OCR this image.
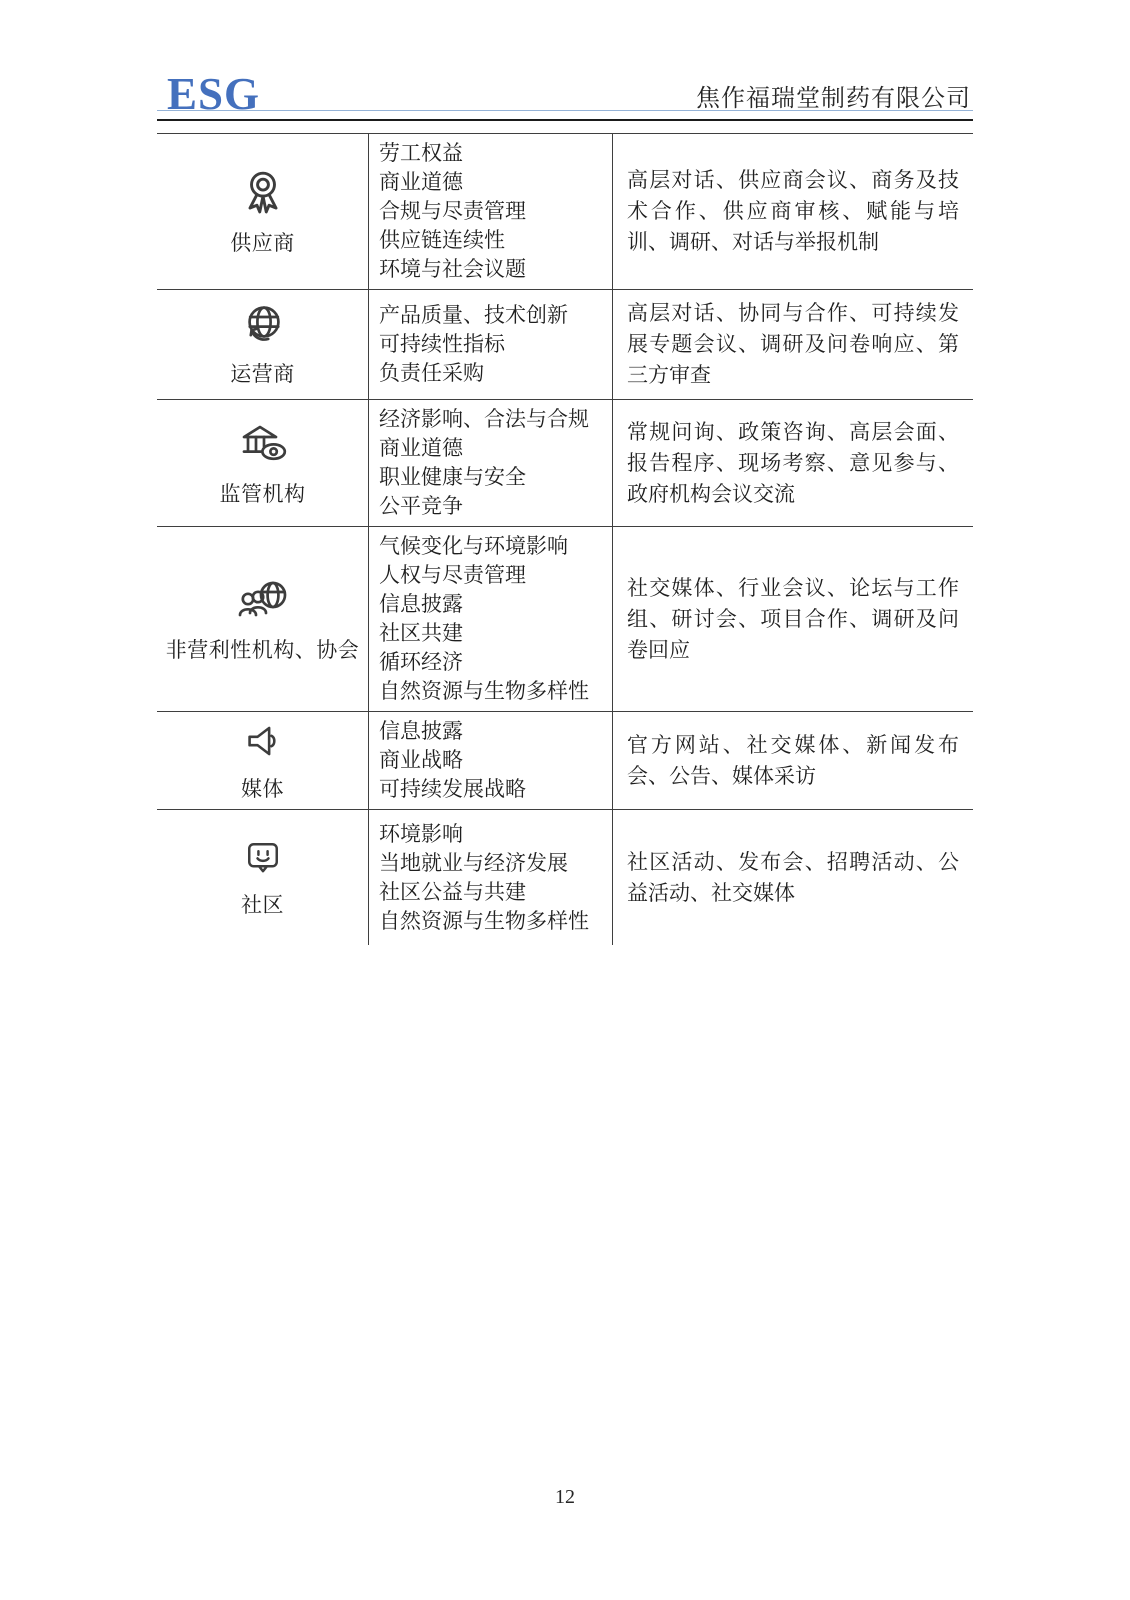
ESG	焦作福瑞堂制药有限公司
供应商
劳工权益
商业道德
合规与尽责管理
供应链连续性
环境与社会议题

高层对话、供应商会议、商务及技术合作、供应商审核、赋能与培训、调研、对话与举报机制

运营商
产品质量、技术创新
可持续性指标
负责任采购

高层对话、协同与合作、可持续发展专题会议、调研及问卷响应、第三方审查

监管机构
经济影响、合法与合规
商业道德
职业健康与安全
公平竞争

常规问询、政策咨询、高层会面、报告程序、现场考察、意见参与、政府机构会议交流

非营利性机构、协会
气候变化与环境影响
人权与尽责管理
信息披露
社区共建
循环经济
自然资源与生物多样性

社交媒体、行业会议、论坛与工作组、研讨会、项目合作、调研及问卷回应

媒体
信息披露
商业战略
可持续发展战略

官方网站、社交媒体、新闻发布会、公告、媒体采访

社区
环境影响
当地就业与经济发展
社区公益与共建
自然资源与生物多样性

社区活动、发布会、招聘活动、公益活动、社交媒体

12
